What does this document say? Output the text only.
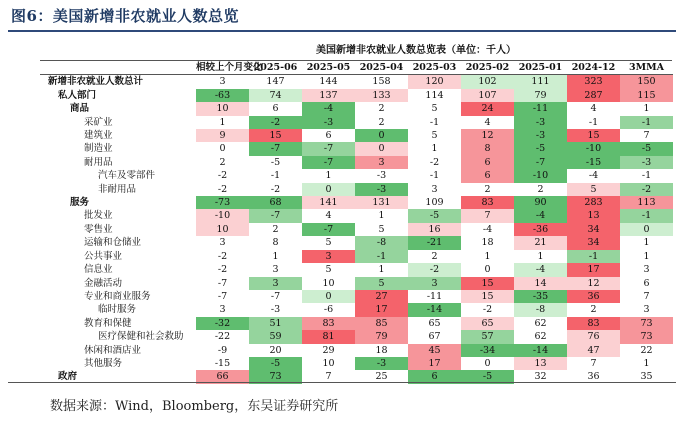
图6：美国新增非农就业人数总览
美国新增非农就业人数总览表（单位：千人）
	相较上个月变化	2025-06	2025-05	2025-04	2025-03	2025-02	2025-01	2024-12	3MMA
新增非农就业人数总计	3	147	144	158	120	102	111	323	150
私人部门	-63	74	137	133	114	107	79	287	115
商品	10	6	-4	2	5	24	-11	4	1
采矿业	1	-2	-3	2	-1	4	-3	-1	-1
建筑业	9	15	6	0	5	12	-3	15	7
制造业	0	-7	-7	0	1	8	-5	-10	-5
耐用品	2	-5	-7	3	-2	6	-7	-15	-3
汽车及零部件	-2	-1	1	-3	-1	6	-10	-4	-1
非耐用品	-2	-2	0	-3	3	2	2	5	-2
服务	-73	68	141	131	109	83	90	283	113
批发业	-10	-7	4	1	-5	7	-4	13	-1
零售业	10	2	-7	5	16	-4	-36	34	0
运输和仓储业	3	8	5	-8	-21	18	21	34	1
公共事业	-2	1	3	-1	2	1	1	-1	1
信息业	-2	3	5	1	-2	0	-4	17	3
金融活动	-7	3	10	5	3	15	14	12	6
专业和商业服务	-7	-7	0	27	-11	15	-35	36	7
临时服务	3	-3	-6	17	-14	-2	-8	2	3
教育和保健	-32	51	83	85	65	65	62	83	73
医疗保健和社会救助	-22	59	81	79	67	57	62	76	73
休闲和酒店业	-9	20	29	18	45	-34	-14	47	22
其他服务	-15	-5	10	-3	17	0	13	7	1
政府	66	73	7	25	6	-5	32	36	35
数据来源：Wind，Bloomberg，东吴证券研究所
